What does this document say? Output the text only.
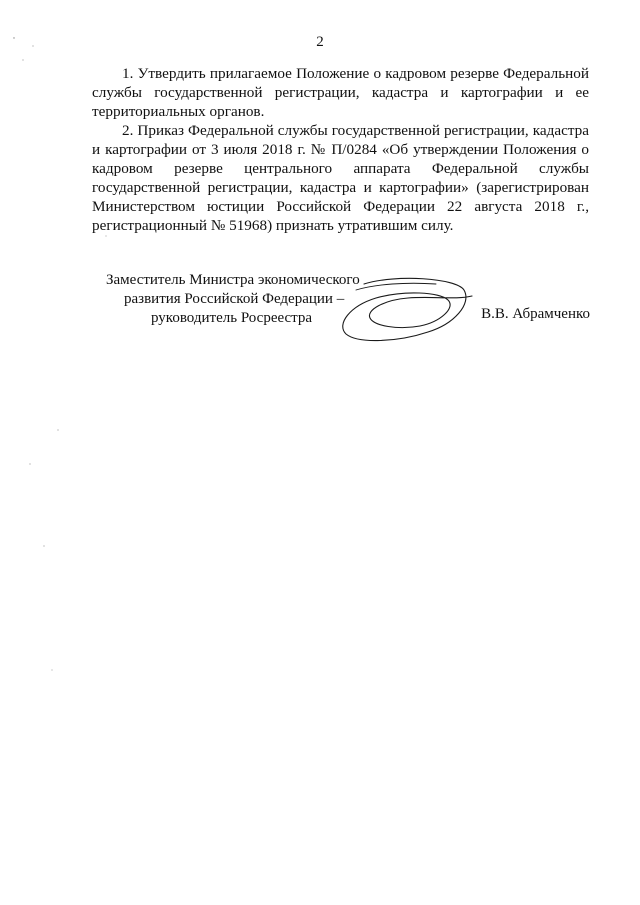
2

1. Утвердить прилагаемое Положение о кадровом резерве Федеральной службы государственной регистрации, кадастра и картографии и ее территориальных органов.

2. Приказ Федеральной службы государственной регистрации, кадастра и картографии от 3 июля 2018 г. № П/0284 «Об утверждении Положения о кадровом резерве центрального аппарата Федеральной службы государственной регистрации, кадастра и картографии» (зарегистрирован Министерством юстиции Российской Федерации 22 августа 2018 г., регистрационный № 51968) признать утратившим силу.

Заместитель Министра экономического
развития Российской Федерации –
руководитель Росреестра	В.В. Абрамченко
